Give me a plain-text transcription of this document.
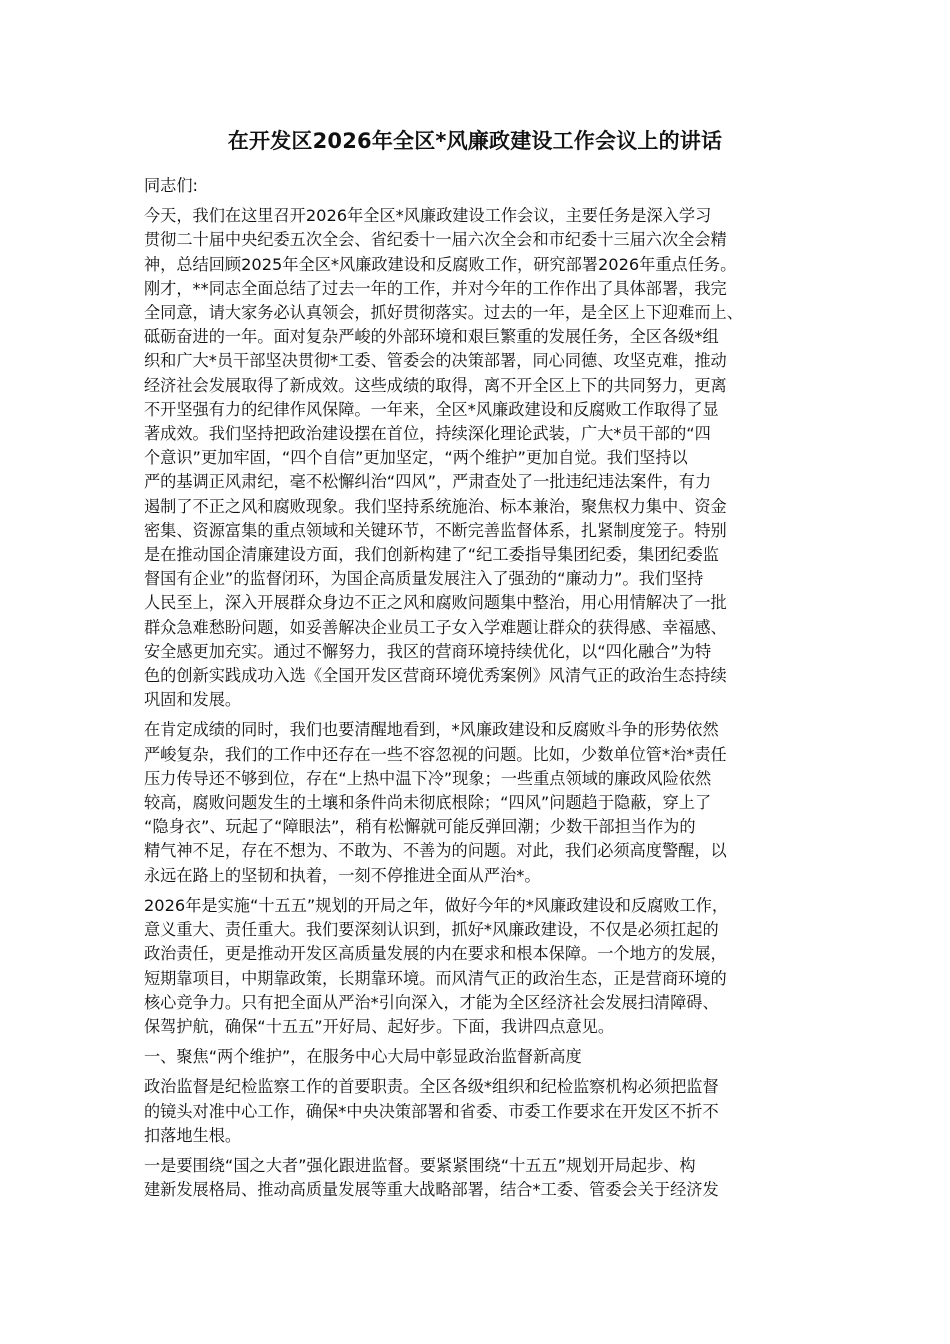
在开发区2026年全区*风廉政建设工作会议上的讲话
同志们:
今天，我们在这里召开2026年全区*风廉政建设工作会议，主要任务是深入学习
贯彻二十届中央纪委五次全会、省纪委十一届六次全会和市纪委十三届六次全会精
神，总结回顾2025年全区*风廉政建设和反腐败工作，研究部署2026年重点任务。
刚才，**同志全面总结了过去一年的工作，并对今年的工作作出了具体部署，我完
全同意，请大家务必认真领会，抓好贯彻落实。过去的一年，是全区上下迎难而上、
砥砺奋进的一年。面对复杂严峻的外部环境和艰巨繁重的发展任务，全区各级*组
织和广大*员干部坚决贯彻*工委、管委会的决策部署，同心同德、攻坚克难，推动
经济社会发展取得了新成效。这些成绩的取得，离不开全区上下的共同努力，更离
不开坚强有力的纪律作风保障。一年来，全区*风廉政建设和反腐败工作取得了显
著成效。我们坚持把政治建设摆在首位，持续深化理论武装，广大*员干部的“四
个意识”更加牢固，“四个自信”更加坚定，“两个维护”更加自觉。我们坚持以
严的基调正风肃纪，毫不松懈纠治“四风”，严肃查处了一批违纪违法案件，有力
遏制了不正之风和腐败现象。我们坚持系统施治、标本兼治，聚焦权力集中、资金
密集、资源富集的重点领域和关键环节，不断完善监督体系，扎紧制度笼子。特别
是在推动国企清廉建设方面，我们创新构建了“纪工委指导集团纪委，集团纪委监
督国有企业”的监督闭环，为国企高质量发展注入了强劲的“廉动力”。我们坚持
人民至上，深入开展群众身边不正之风和腐败问题集中整治，用心用情解决了一批
群众急难愁盼问题，如妥善解决企业员工子女入学难题让群众的获得感、幸福感、
安全感更加充实。通过不懈努力，我区的营商环境持续优化，以“四化融合”为特
色的创新实践成功入选《全国开发区营商环境优秀案例》风清气正的政治生态持续
巩固和发展。
在肯定成绩的同时，我们也要清醒地看到，*风廉政建设和反腐败斗争的形势依然
严峻复杂，我们的工作中还存在一些不容忽视的问题。比如，少数单位管*治*责任
压力传导还不够到位，存在“上热中温下冷”现象；一些重点领域的廉政风险依然
较高，腐败问题发生的土壤和条件尚未彻底根除；“四风”问题趋于隐蔽，穿上了
“隐身衣”、玩起了“障眼法”，稍有松懈就可能反弹回潮；少数干部担当作为的
精气神不足，存在不想为、不敢为、不善为的问题。对此，我们必须高度警醒，以
永远在路上的坚韧和执着，一刻不停推进全面从严治*。
2026年是实施“十五五”规划的开局之年，做好今年的*风廉政建设和反腐败工作，
意义重大、责任重大。我们要深刻认识到，抓好*风廉政建设，不仅是必须扛起的
政治责任，更是推动开发区高质量发展的内在要求和根本保障。一个地方的发展，
短期靠项目，中期靠政策，长期靠环境。而风清气正的政治生态，正是营商环境的
核心竞争力。只有把全面从严治*引向深入，才能为全区经济社会发展扫清障碍、
保驾护航，确保“十五五”开好局、起好步。下面，我讲四点意见。
一、聚焦“两个维护”，在服务中心大局中彰显政治监督新高度
政治监督是纪检监察工作的首要职责。全区各级*组织和纪检监察机构必须把监督
的镜头对准中心工作，确保*中央决策部署和省委、市委工作要求在开发区不折不
扣落地生根。
一是要围绕“国之大者”强化跟进监督。要紧紧围绕“十五五”规划开局起步、构
建新发展格局、推动高质量发展等重大战略部署，结合*工委、管委会关于经济发
